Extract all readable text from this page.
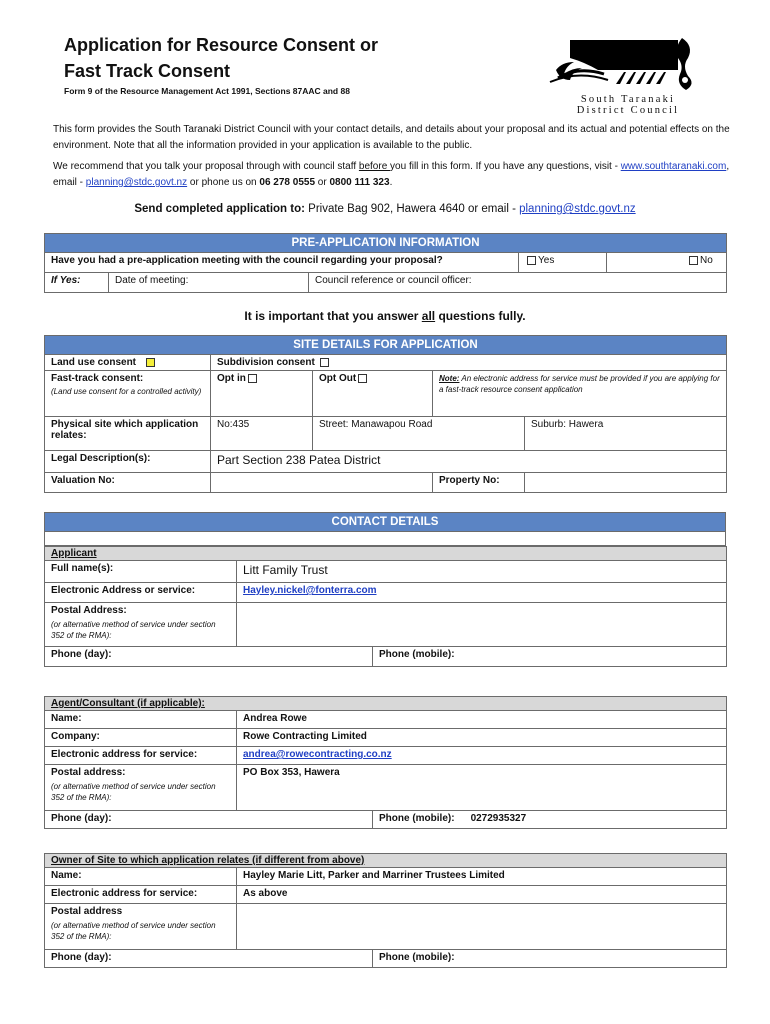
Application for Resource Consent or
Fast Track Consent
Form 9 of the Resource Management Act 1991, Sections 87AAC and 88
South Taranaki
District Council

This form provides the South Taranaki District Council with your contact details, and details about your proposal and its actual and potential effects on the environment. Note that all the information provided in your application is available to the public.

We recommend that you talk your proposal through with council staff before you fill in this form. If you have any questions, visit - www.southtaranaki.com, email - planning@stdc.govt.nz or phone us on 06 278 0555 or 0800 111 323.

Send completed application to: Private Bag 902, Hawera 4640 or email - planning@stdc.govt.nz
PRE-APPLICATION INFORMATION				
Have you had a pre-application meeting with the council regarding your proposal?			Yes	No
If Yes:	Date of meeting:	Council reference or council officer:		
It is important that you answer all questions fully.
SITE DETAILS FOR APPLICATION				
Land use consent	Subdivision consent			

Fast-track consent:
(Land use consent for a controlled activity)	Opt in	Opt Out	Note: An electronic address for service must be provided if you are applying for a fast-track resource consent application	
Physical site which application relates:	No:435	Street: Manawapou Road		Suburb: Hawera
Legal Description(s):	Part Section 238 Patea District			
Valuation No:			Property No:	
CONTACT DETAILS

Applicant		
Full name(s):	Litt Family Trust	
Electronic Address or service:	Hayley.nickel@fonterra.com	

Postal Address:
(or alternative method of service under section 352 of the RMA):		

Phone (day):		Phone (mobile):
Agent/Consultant (if applicable):		
Name:	Andrea Rowe	
Company:	Rowe Contracting Limited	
Electronic address for service:	andrea@rowecontracting.co.nz	

Postal address:
(or alternative method of service under section 352 of the RMA):	PO Box 353, Hawera	
Phone (day):		Phone (mobile): 0272935327
Owner of Site to which application relates (if different from above)		
Name:	Hayley Marie Litt, Parker and Marriner Trustees Limited	
Electronic address for service:	As above	

Postal address
(or alternative method of service under section 352 of the RMA):		

Phone (day):		Phone (mobile):
